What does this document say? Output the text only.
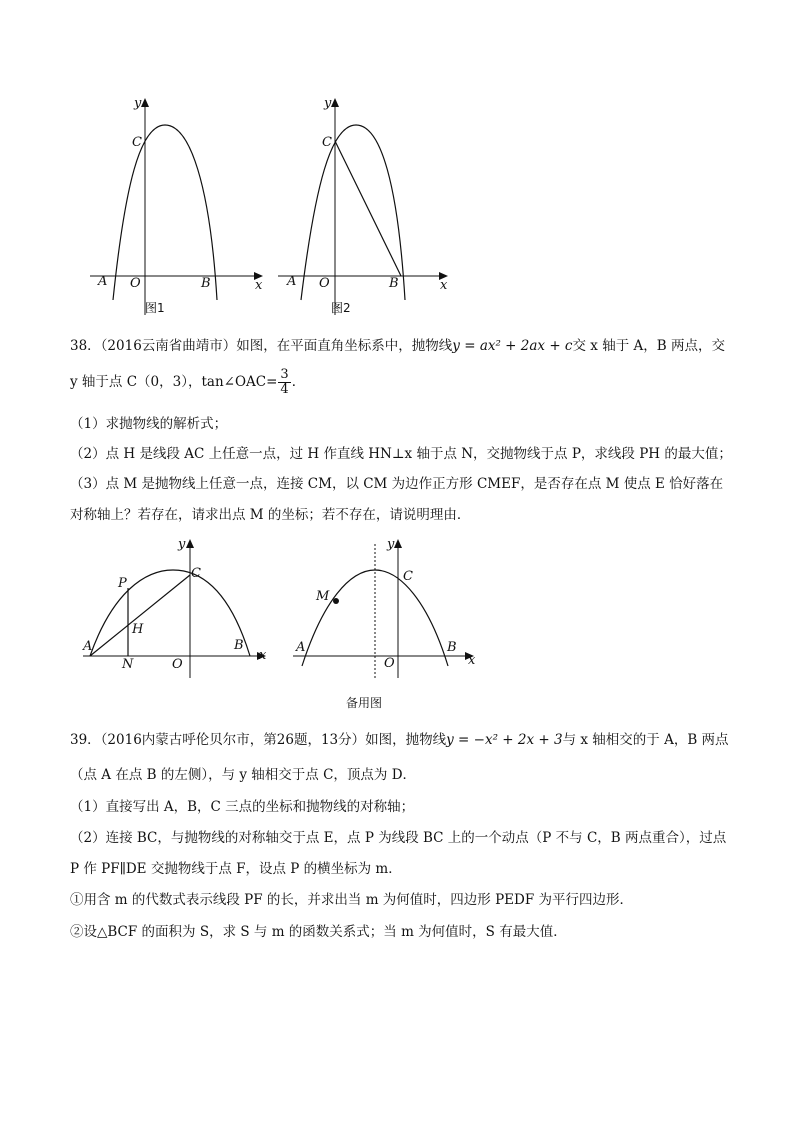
y
x
C
A O	B
图1
y
x
C
A O	B
图2
38．（2016云南省曲靖市）如图，在平面直角坐标系中，抛物线y = ax² + 2ax + c交 x 轴于 A，B 两点，交
y 轴于点 C（0，3），tan∠OAC= $\frac{3}{4}$ ．
（1）求抛物线的解析式；
（2）点 H 是线段 AC 上任意一点，过 H 作直线 HN⊥x 轴于点 N，交抛物线于点 P，求线段 PH 的最大值；
（3）点 M 是抛物线上任意一点，连接 CM，以 CM 为边作正方形 CMEF，是否存在点 M 使点 E 恰好落在
对称轴上？若存在，请求出点 M 的坐标；若不存在，请说明理由．
y
x
C
A
O
B
P
H
N
y
x
C
A
O
B
M
备用图
39．（2016内蒙古呼伦贝尔市，第26题，13分）如图，抛物线y = −x² + 2x + 3与 x 轴相交的于 A，B 两点
（点 A 在点 B 的左侧），与 y 轴相交于点 C，顶点为 D．
（1）直接写出 A，B，C 三点的坐标和抛物线的对称轴；
（2）连接 BC，与抛物线的对称轴交于点 E，点 P 为线段 BC 上的一个动点（P 不与 C，B 两点重合），过点
P 作 PF∥DE 交抛物线于点 F，设点 P 的横坐标为 m．
①用含 m 的代数式表示线段 PF 的长，并求出当 m 为何值时，四边形 PEDF 为平行四边形．
②设△BCF 的面积为 S，求 S 与 m 的函数关系式；当 m 为何值时，S 有最大值．
